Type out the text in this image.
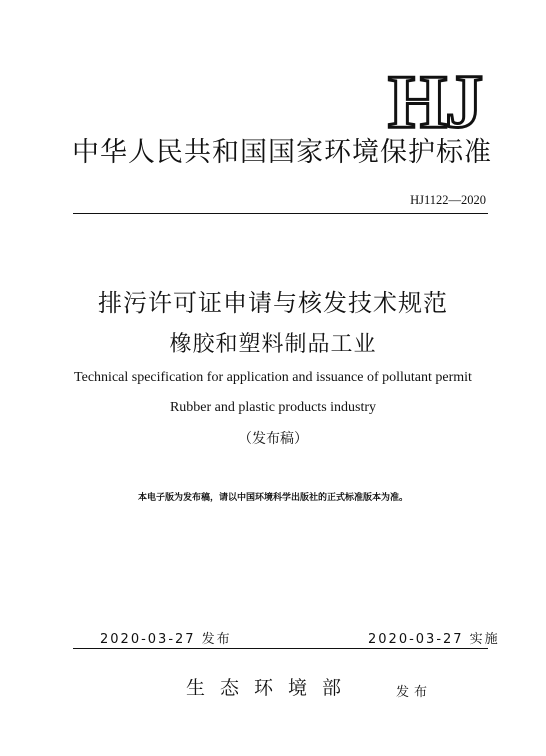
HJ
中华人民共和国国家环境保护标准
HJ1122—2020
排污许可证申请与核发技术规范
橡胶和塑料制品工业
Technical specification for application and issuance of pollutant permit
Rubber and plastic products industry
（发布稿）
本电子版为发布稿，请以中国环境科学出版社的正式标准版本为准。
2020-03-27 发布	2020-03-27 实施
生态环境部	发布
